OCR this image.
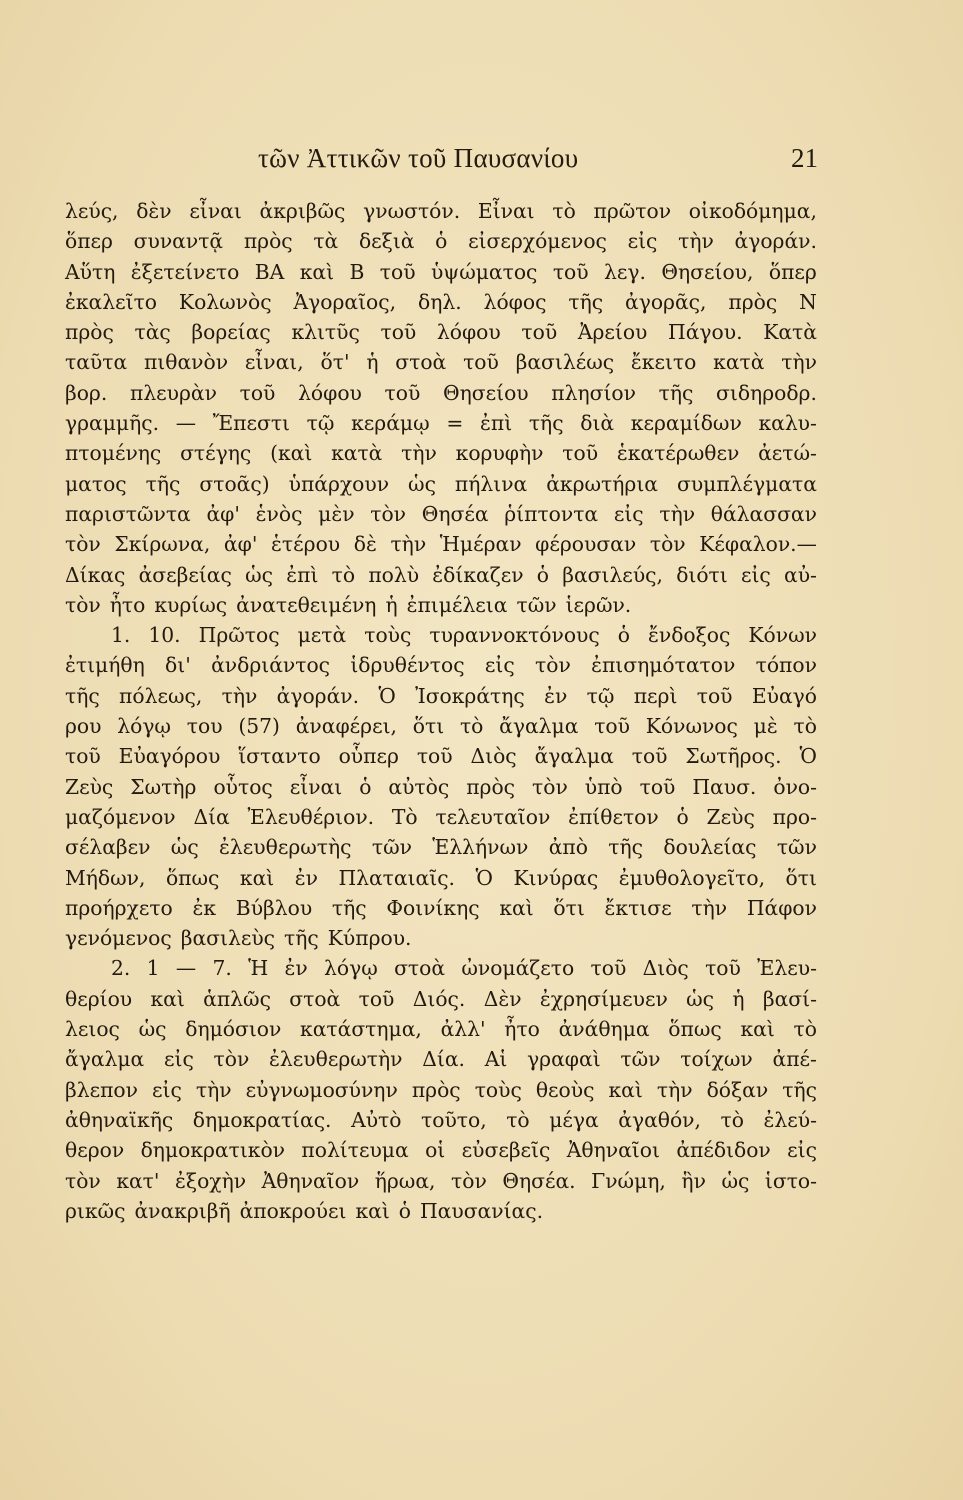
τῶν Ἀττικῶν τοῦ Παυσανίου	21
λεύς, δὲν εἶναι ἀκριβῶς γνωστόν. Εἶναι τὸ πρῶτον οἰκοδόμημα,
ὅπερ συναντᾷ πρὸς τὰ δεξιὰ ὁ εἰσερχόμενος εἰς τὴν ἀγοράν.
Αὕτη ἐξετείνετο ΒΑ καὶ Β τοῦ ὑψώματος τοῦ λεγ. Θησείου, ὅπερ
ἐκαλεῖτο Κολωνὸς Ἀγοραῖος, δηλ. λόφος τῆς ἀγορᾶς, πρὸς Ν
πρὸς τὰς βορείας κλιτῦς τοῦ λόφου τοῦ Ἀρείου Πάγου. Κατὰ
ταῦτα πιθανὸν εἶναι, ὅτ' ἡ στοὰ τοῦ βασιλέως ἔκειτο κατὰ τὴν
βορ. πλευρὰν τοῦ λόφου τοῦ Θησείου πλησίον τῆς σιδηροδρ.
γραμμῆς. — Ἔπεστι τῷ κεράμῳ = ἐπὶ τῆς διὰ κεραμίδων καλυ-
πτομένης στέγης (καὶ κατὰ τὴν κορυφὴν τοῦ ἑκατέρωθεν ἀετώ-
ματος τῆς στοᾶς) ὑπάρχουν ὡς πήλινα ἀκρωτήρια συμπλέγματα
παριστῶντα ἀφ' ἑνὸς μὲν τὸν Θησέα ῥίπτοντα εἰς τὴν θάλασσαν
τὸν Σκίρωνα, ἀφ' ἑτέρου δὲ τὴν Ἡμέραν φέρουσαν τὸν Κέφαλον.—
Δίκας ἀσεβείας ὡς ἐπὶ τὸ πολὺ ἐδίκαζεν ὁ βασιλεύς, διότι εἰς αὐ-
τὸν ἦτο κυρίως ἀνατεθειμένη ἡ ἐπιμέλεια τῶν ἱερῶν.
1. 10. Πρῶτος μετὰ τοὺς τυραννοκτόνους ὁ ἔνδοξος Κόνων
ἐτιμήθη δι' ἀνδριάντος ἱδρυθέντος εἰς τὸν ἐπισημότατον τόπον
τῆς πόλεως, τὴν ἀγοράν. Ὁ Ἰσοκράτης ἐν τῷ περὶ τοῦ Εὐαγό
ρου λόγῳ του (57) ἀναφέρει, ὅτι τὸ ἄγαλμα τοῦ Κόνωνος μὲ τὸ
τοῦ Εὐαγόρου ἵσταντο οὗπερ τοῦ Διὸς ἄγαλμα τοῦ Σωτῆρος. Ὁ
Ζεὺς Σωτὴρ οὗτος εἶναι ὁ αὐτὸς πρὸς τὸν ὑπὸ τοῦ Παυσ. ὀνο-
μαζόμενον Δία Ἐλευθέριον. Τὸ τελευταῖον ἐπίθετον ὁ Ζεὺς προ-
σέλαβεν ὡς ἐλευθερωτὴς τῶν Ἑλλήνων ἀπὸ τῆς δουλείας τῶν
Μήδων, ὅπως καὶ ἐν Πλαταιαῖς. Ὁ Κινύρας ἐμυθολογεῖτο, ὅτι
προήρχετο ἐκ Βύβλου τῆς Φοινίκης καὶ ὅτι ἔκτισε τὴν Πάφον
γενόμενος βασιλεὺς τῆς Κύπρου.
2. 1 — 7. Ἡ ἐν λόγῳ στοὰ ὠνομάζετο τοῦ Διὸς τοῦ Ἐλευ-
θερίου καὶ ἁπλῶς στοὰ τοῦ Διός. Δὲν ἐχρησίμευεν ὡς ἡ βασί-
λειος ὡς δημόσιον κατάστημα, ἀλλ' ἦτο ἀνάθημα ὅπως καὶ τὸ
ἄγαλμα εἰς τὸν ἐλευθερωτὴν Δία. Αἱ γραφαὶ τῶν τοίχων ἀπέ-
βλεπον εἰς τὴν εὐγνωμοσύνην πρὸς τοὺς θεοὺς καὶ τὴν δόξαν τῆς
ἀθηναϊκῆς δημοκρατίας. Αὐτὸ τοῦτο, τὸ μέγα ἀγαθόν, τὸ ἐλεύ-
θερον δημοκρατικὸν πολίτευμα οἱ εὐσεβεῖς Ἀθηναῖοι ἀπέδιδον εἰς
τὸν κατ' ἐξοχὴν Ἀθηναῖον ἥρωα, τὸν Θησέα. Γνώμη, ἣν ὡς ἱστο-
ρικῶς ἀνακριβῆ ἀποκρούει καὶ ὁ Παυσανίας.
